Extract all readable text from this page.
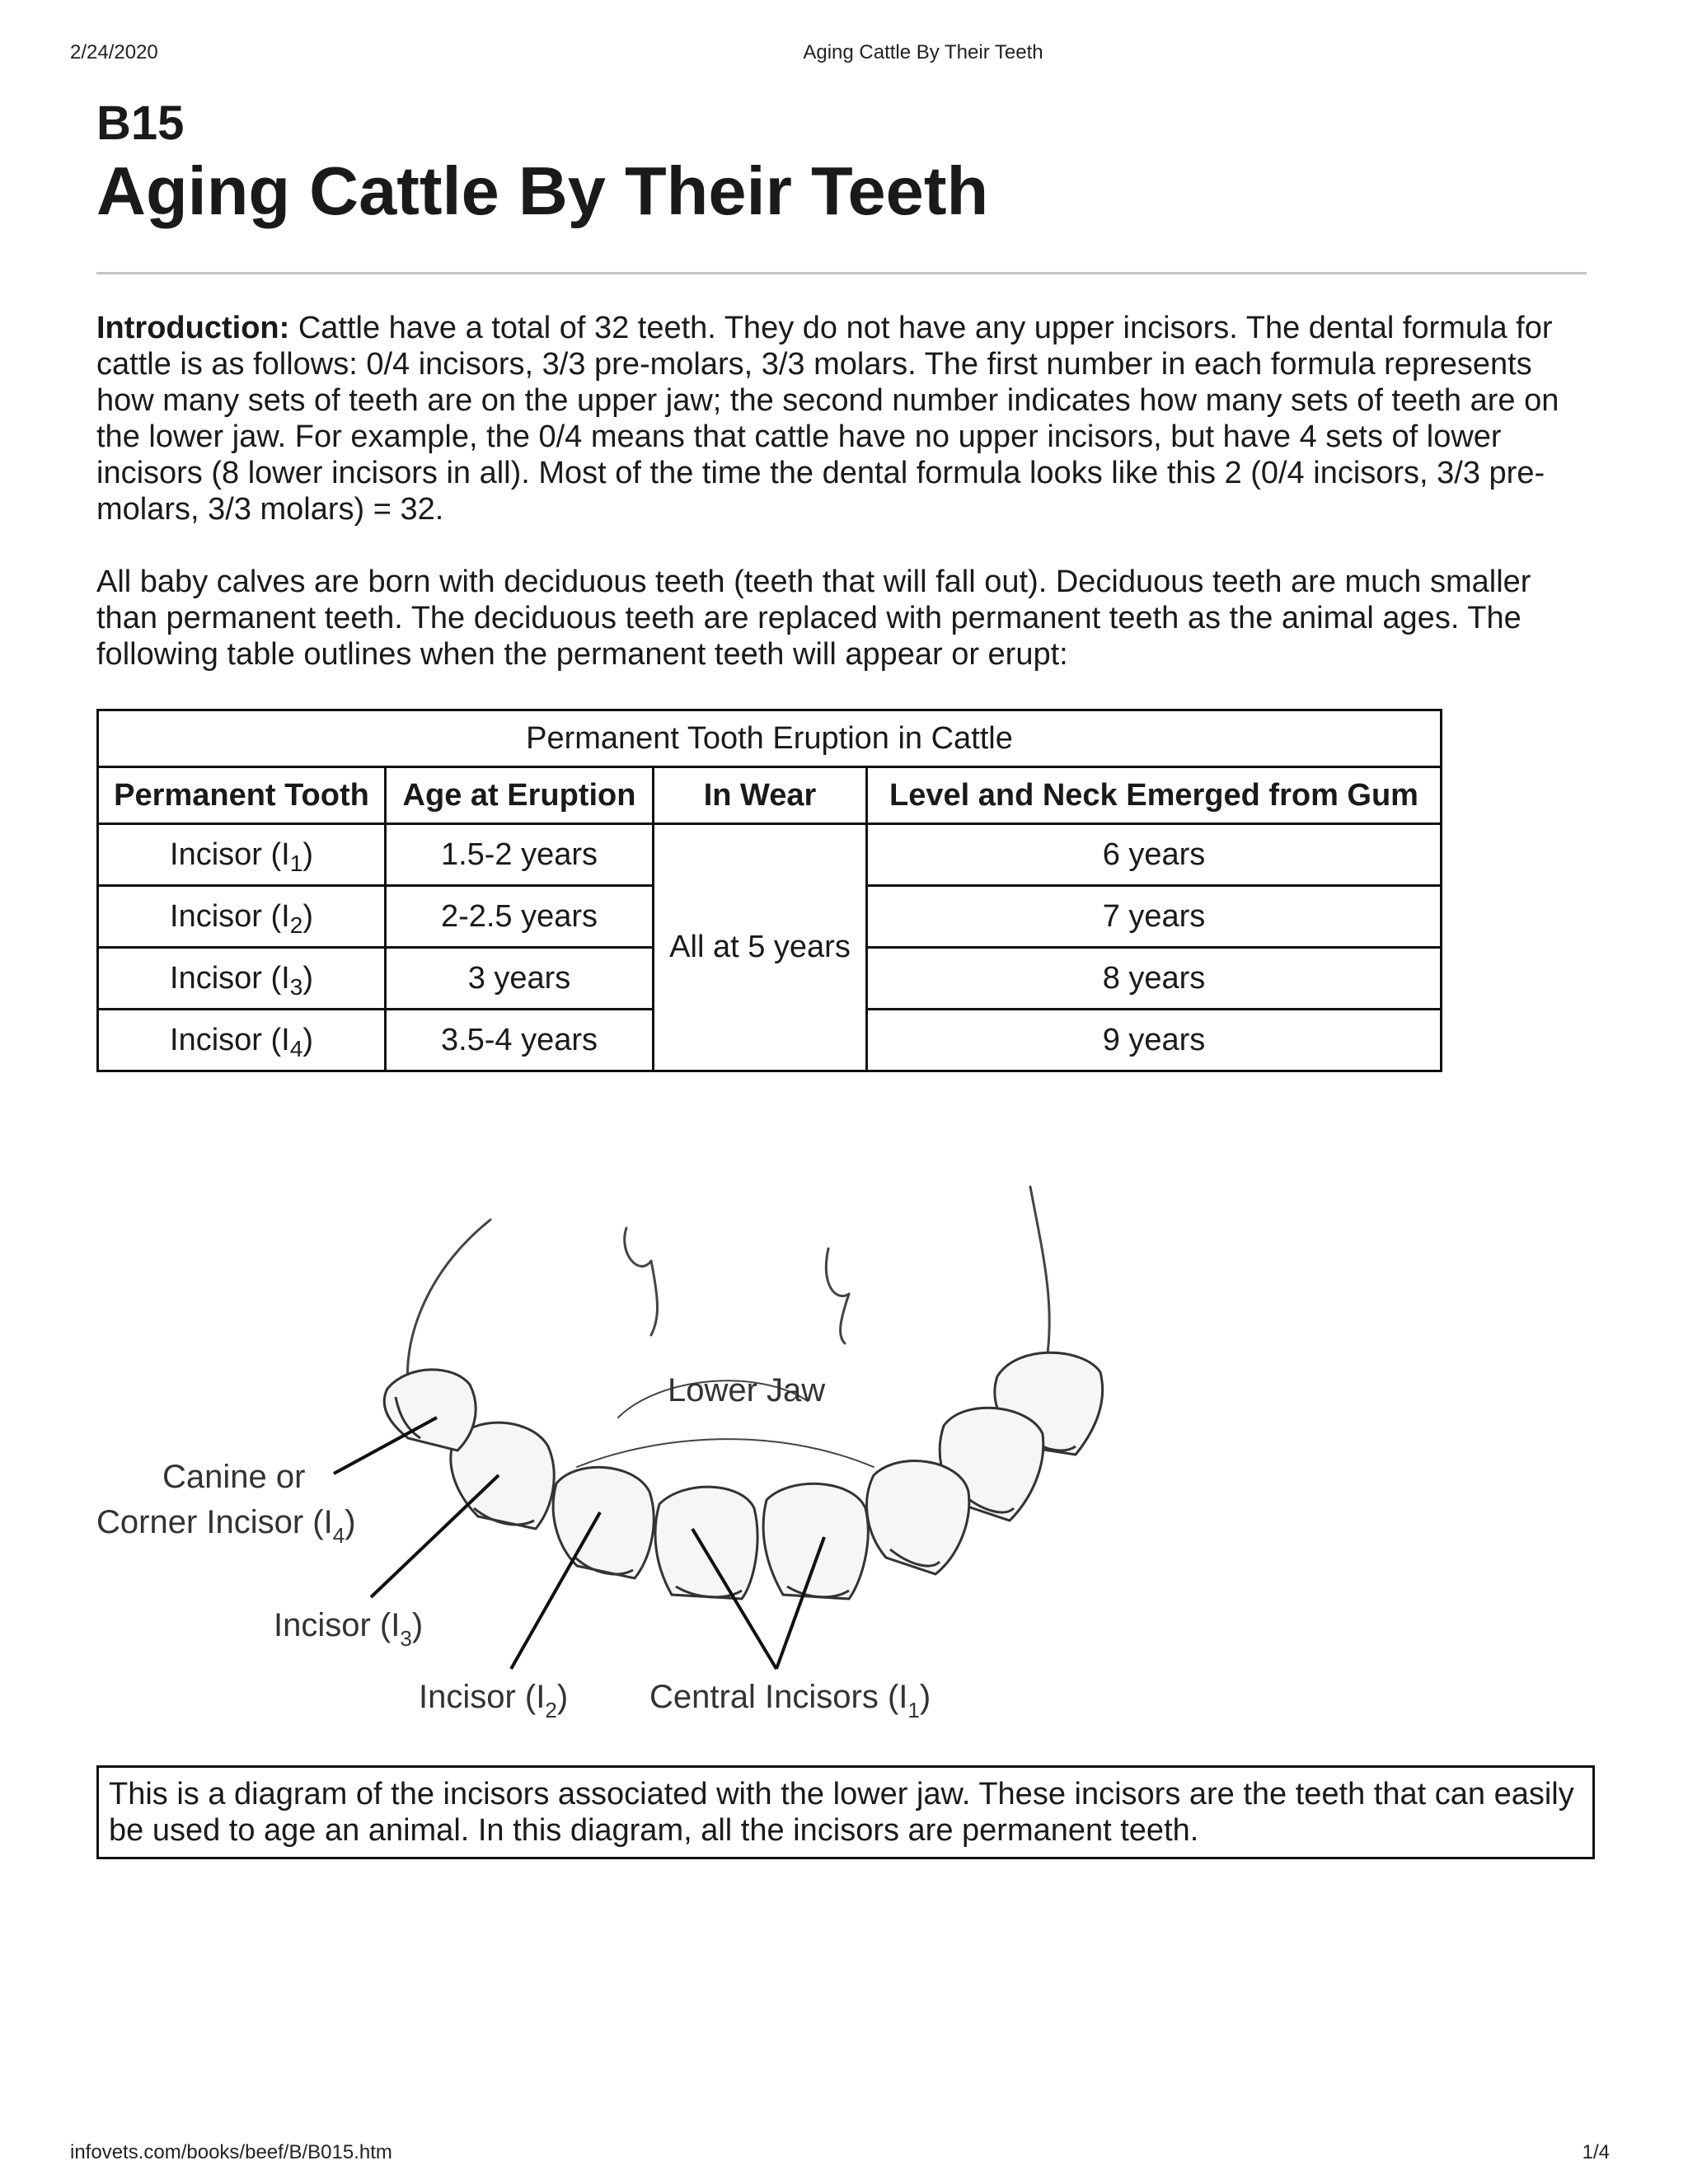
2/24/2020	Aging Cattle By Their Teeth
B15
Aging Cattle By Their Teeth

Introduction: Cattle have a total of 32 teeth. They do not have any upper incisors. The dental formula for cattle is as follows: 0/4 incisors, 3/3 pre-molars, 3/3 molars. The first number in each formula represents how many sets of teeth are on the upper jaw; the second number indicates how many sets of teeth are on the lower jaw. For example, the 0/4 means that cattle have no upper incisors, but have 4 sets of lower incisors (8 lower incisors in all). Most of the time the dental formula looks like this 2 (0/4 incisors, 3/3 pre-molars, 3/3 molars) = 32.

All baby calves are born with deciduous teeth (teeth that will fall out). Deciduous teeth are much smaller than permanent teeth. The deciduous teeth are replaced with permanent teeth as the animal ages. The following table outlines when the permanent teeth will appear or erupt:

Permanent Tooth Eruption in Cattle			
Permanent Tooth	Age at Eruption	In Wear	Level and Neck Emerged from Gum
Incisor $(I_1)$	1.5-2 years	All at 5 years	6 years
Incisor $(I_2)$	2-2.5 years		7 years
Incisor $(I_3)$	3 years		8 years
Incisor $(I_4)$	3.5-4 years		9 years
Lower Jaw
Canine or
Corner Incisor $(I_4)$
Incisor $(I_3)$
Incisor $(I_2)$ Central Incisors $(I_1)$

This is a diagram of the incisors associated with the lower jaw. These incisors are the teeth that can easily be used to age an animal. In this diagram, all the incisors are permanent teeth.

infovets.com/books/beef/B/B015.htm	1/4
